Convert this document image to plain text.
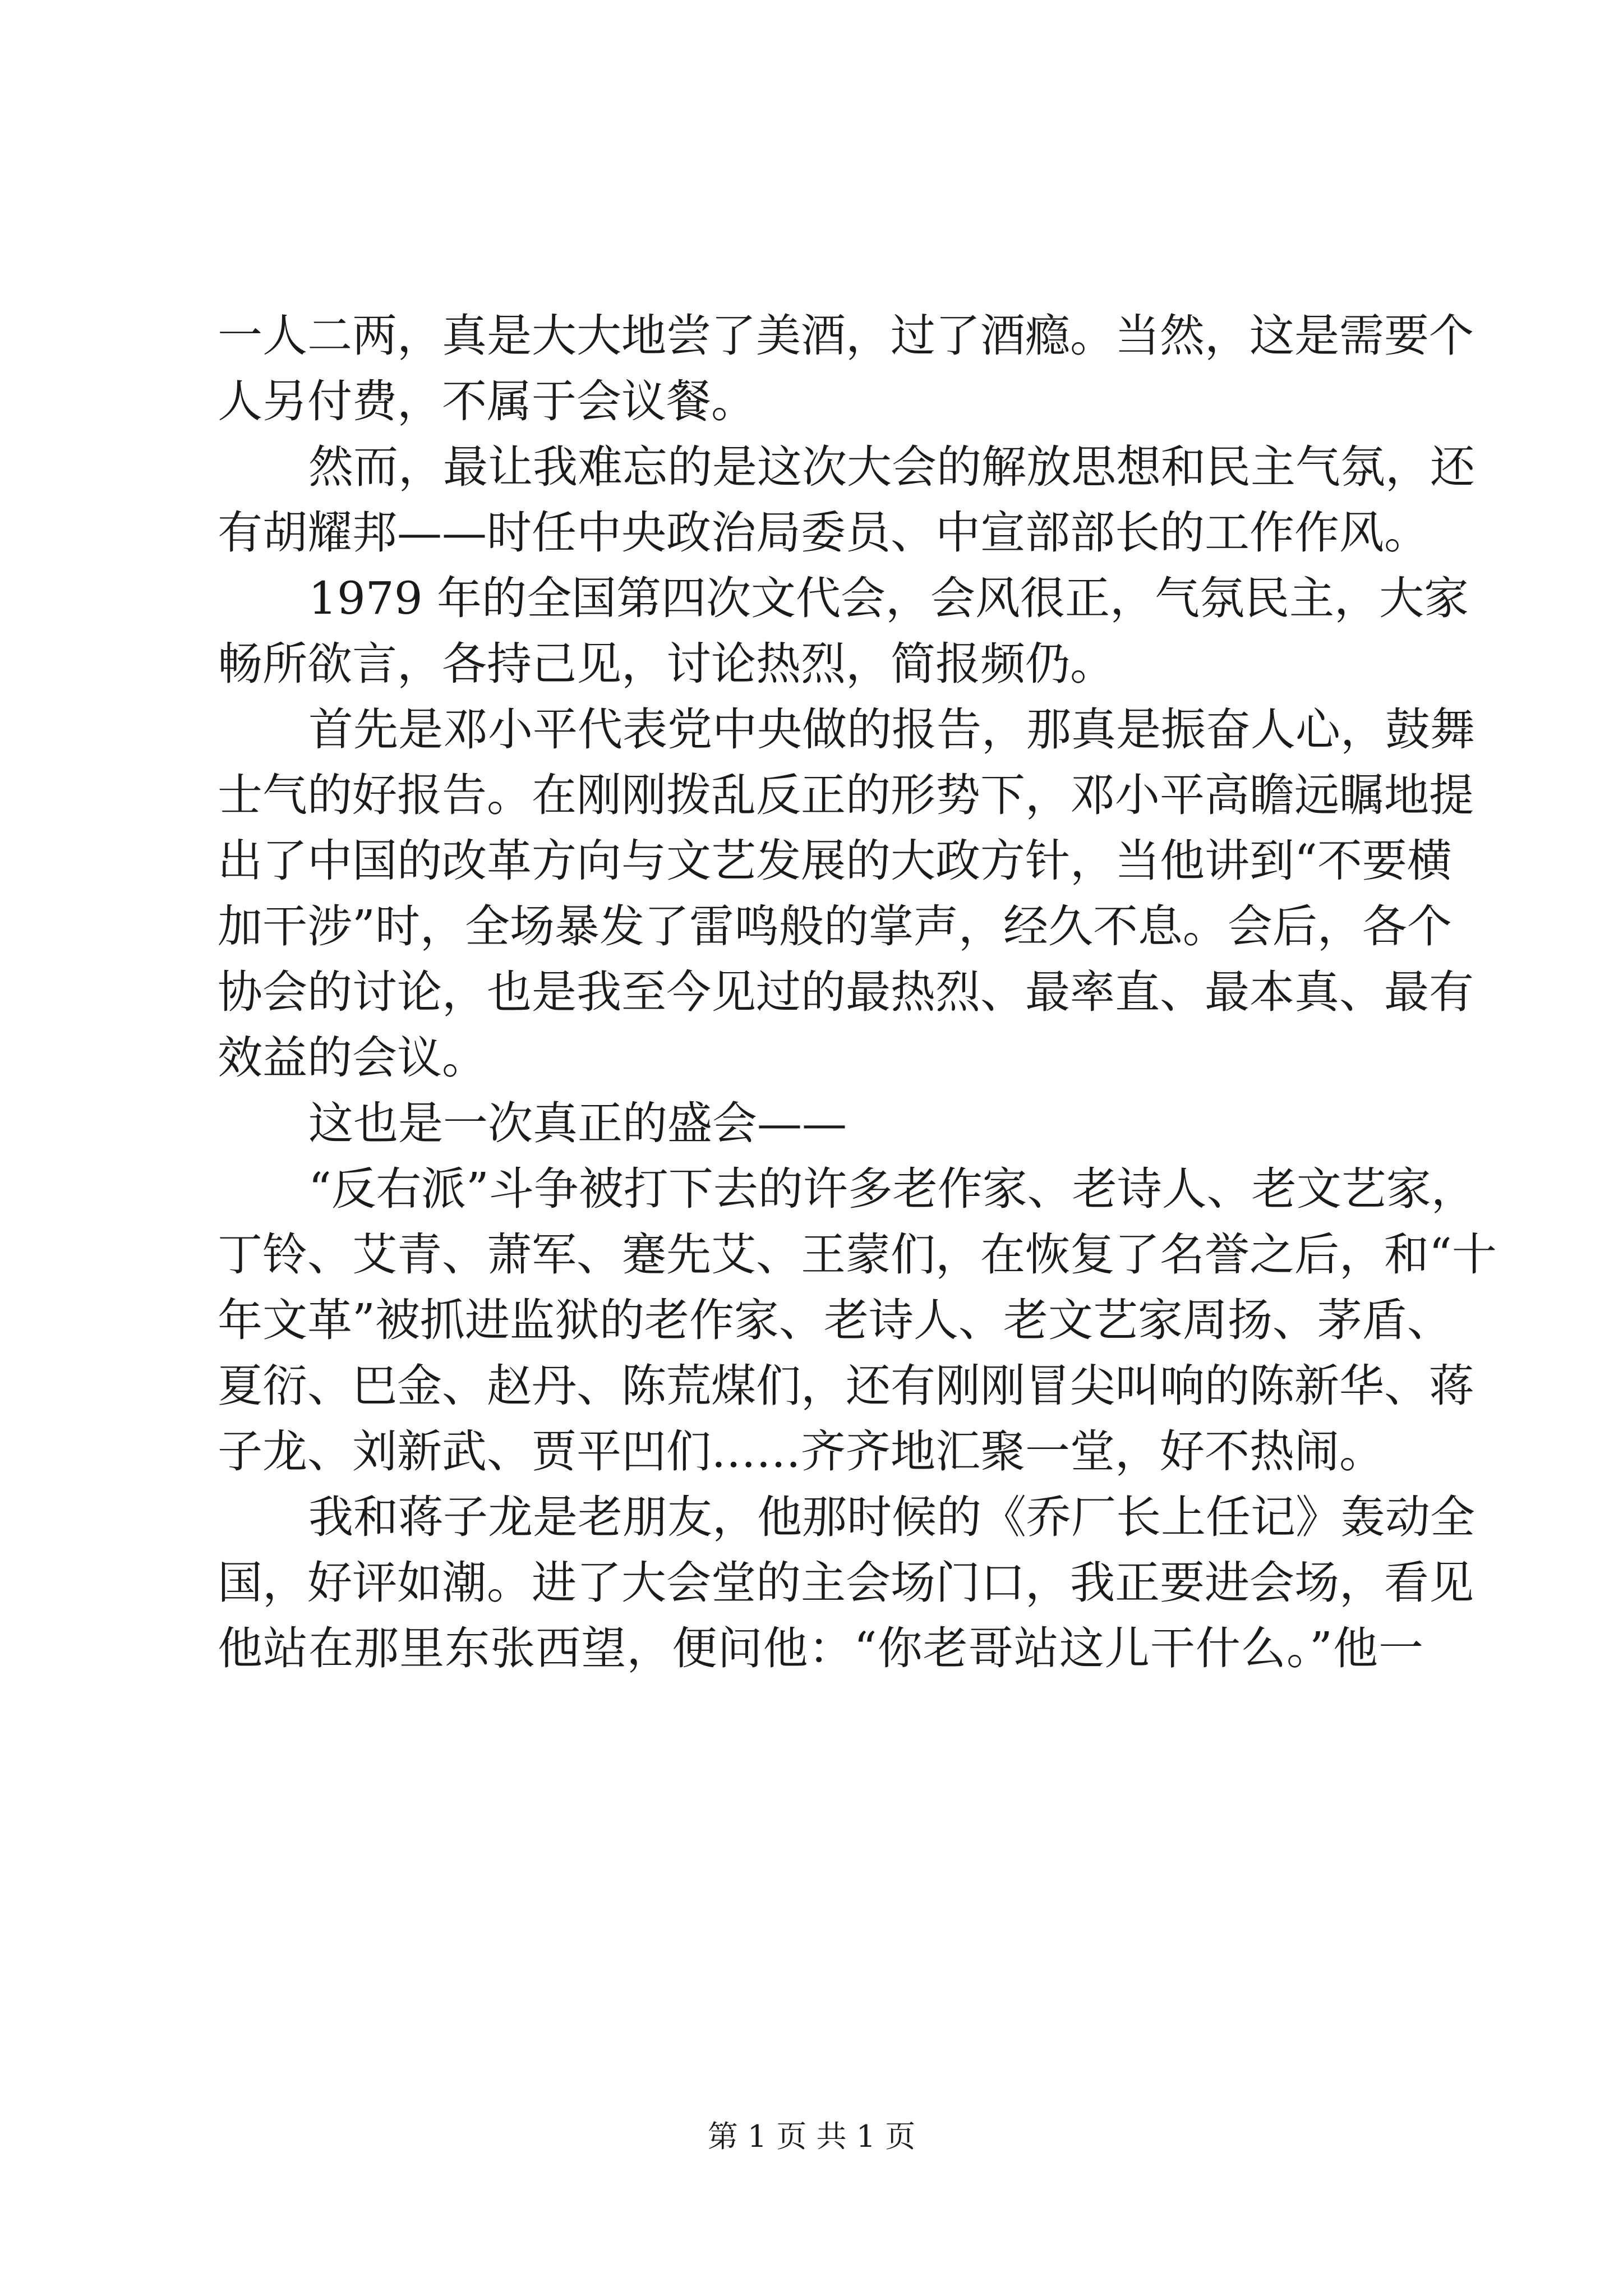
一人二两，真是大大地尝了美酒，过了酒瘾。当然，这是需要个
人另付费，不属于会议餐。
然而，最让我难忘的是这次大会的解放思想和民主气氛，还
有胡耀邦——时任中央政治局委员、中宣部部长的工作作风。
1979 年的全国第四次文代会，会风很正，气氛民主，大家
畅所欲言，各持己见，讨论热烈，简报频仍。
首先是邓小平代表党中央做的报告，那真是振奋人心，鼓舞
士气的好报告。在刚刚拨乱反正的形势下，邓小平高瞻远瞩地提
出了中国的改革方向与文艺发展的大政方针，当他讲到“不要横
加干涉”时，全场暴发了雷鸣般的掌声，经久不息。会后，各个
协会的讨论，也是我至今见过的最热烈、最率直、最本真、最有
效益的会议。
这也是一次真正的盛会——
“反右派”斗争被打下去的许多老作家、老诗人、老文艺家，
丁铃、艾青、萧军、蹇先艾、王蒙们，在恢复了名誉之后，和“十
年文革”被抓进监狱的老作家、老诗人、老文艺家周扬、茅盾、
夏衍、巴金、赵丹、陈荒煤们，还有刚刚冒尖叫响的陈新华、蒋
子龙、刘新武、贾平凹们……齐齐地汇聚一堂，好不热闹。
我和蒋子龙是老朋友，他那时候的《乔厂长上任记》轰动全
国，好评如潮。进了大会堂的主会场门口，我正要进会场，看见
他站在那里东张西望，便问他：“你老哥站这儿干什么。”他一
第 1 页 共 1 页
